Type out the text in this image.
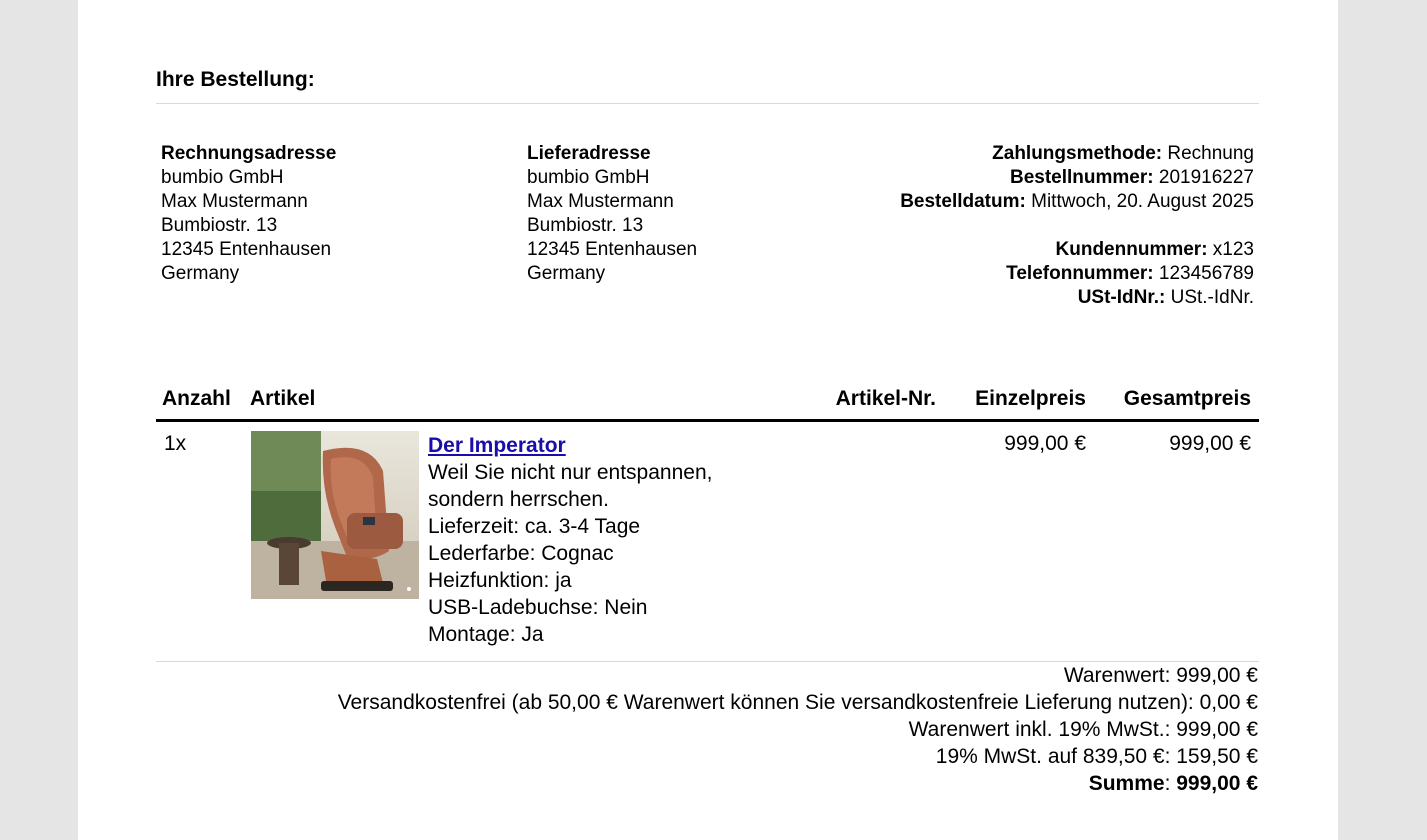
Ihre Bestellung:
Rechnungsadresse
bumbio GmbH
Max Mustermann
Bumbiostr. 13
12345 Entenhausen
Germany
Lieferadresse
bumbio GmbH
Max Mustermann
Bumbiostr. 13
12345 Entenhausen
Germany
Zahlungsmethode: Rechnung
Bestellnummer: 201916227
Bestelldatum: Mittwoch, 20. August 2025
Kundennummer: x123
Telefonnummer: 123456789
USt-IdNr.: USt.-IdNr.
Anzahl Artikel	Artikel-Nr. Einzelpreis Gesamtpreis
1x	Der Imperator
Weil Sie nicht nur entspannen, sondern herrschen.
Lieferzeit: ca. 3-4 Tage
Lederfarbe: Cognac
Heizfunktion: ja
USB-Ladebuchse: Nein
Montage: Ja
999,00 €	999,00 €
Warenwert: 999,00 €
Versandkostenfrei (ab 50,00 € Warenwert können Sie versandkostenfreie Lieferung nutzen): 0,00 €
Warenwert inkl. 19% MwSt.: 999,00 €
19% MwSt. auf 839,50 €: 159,50 €
Summe: 999,00 €
